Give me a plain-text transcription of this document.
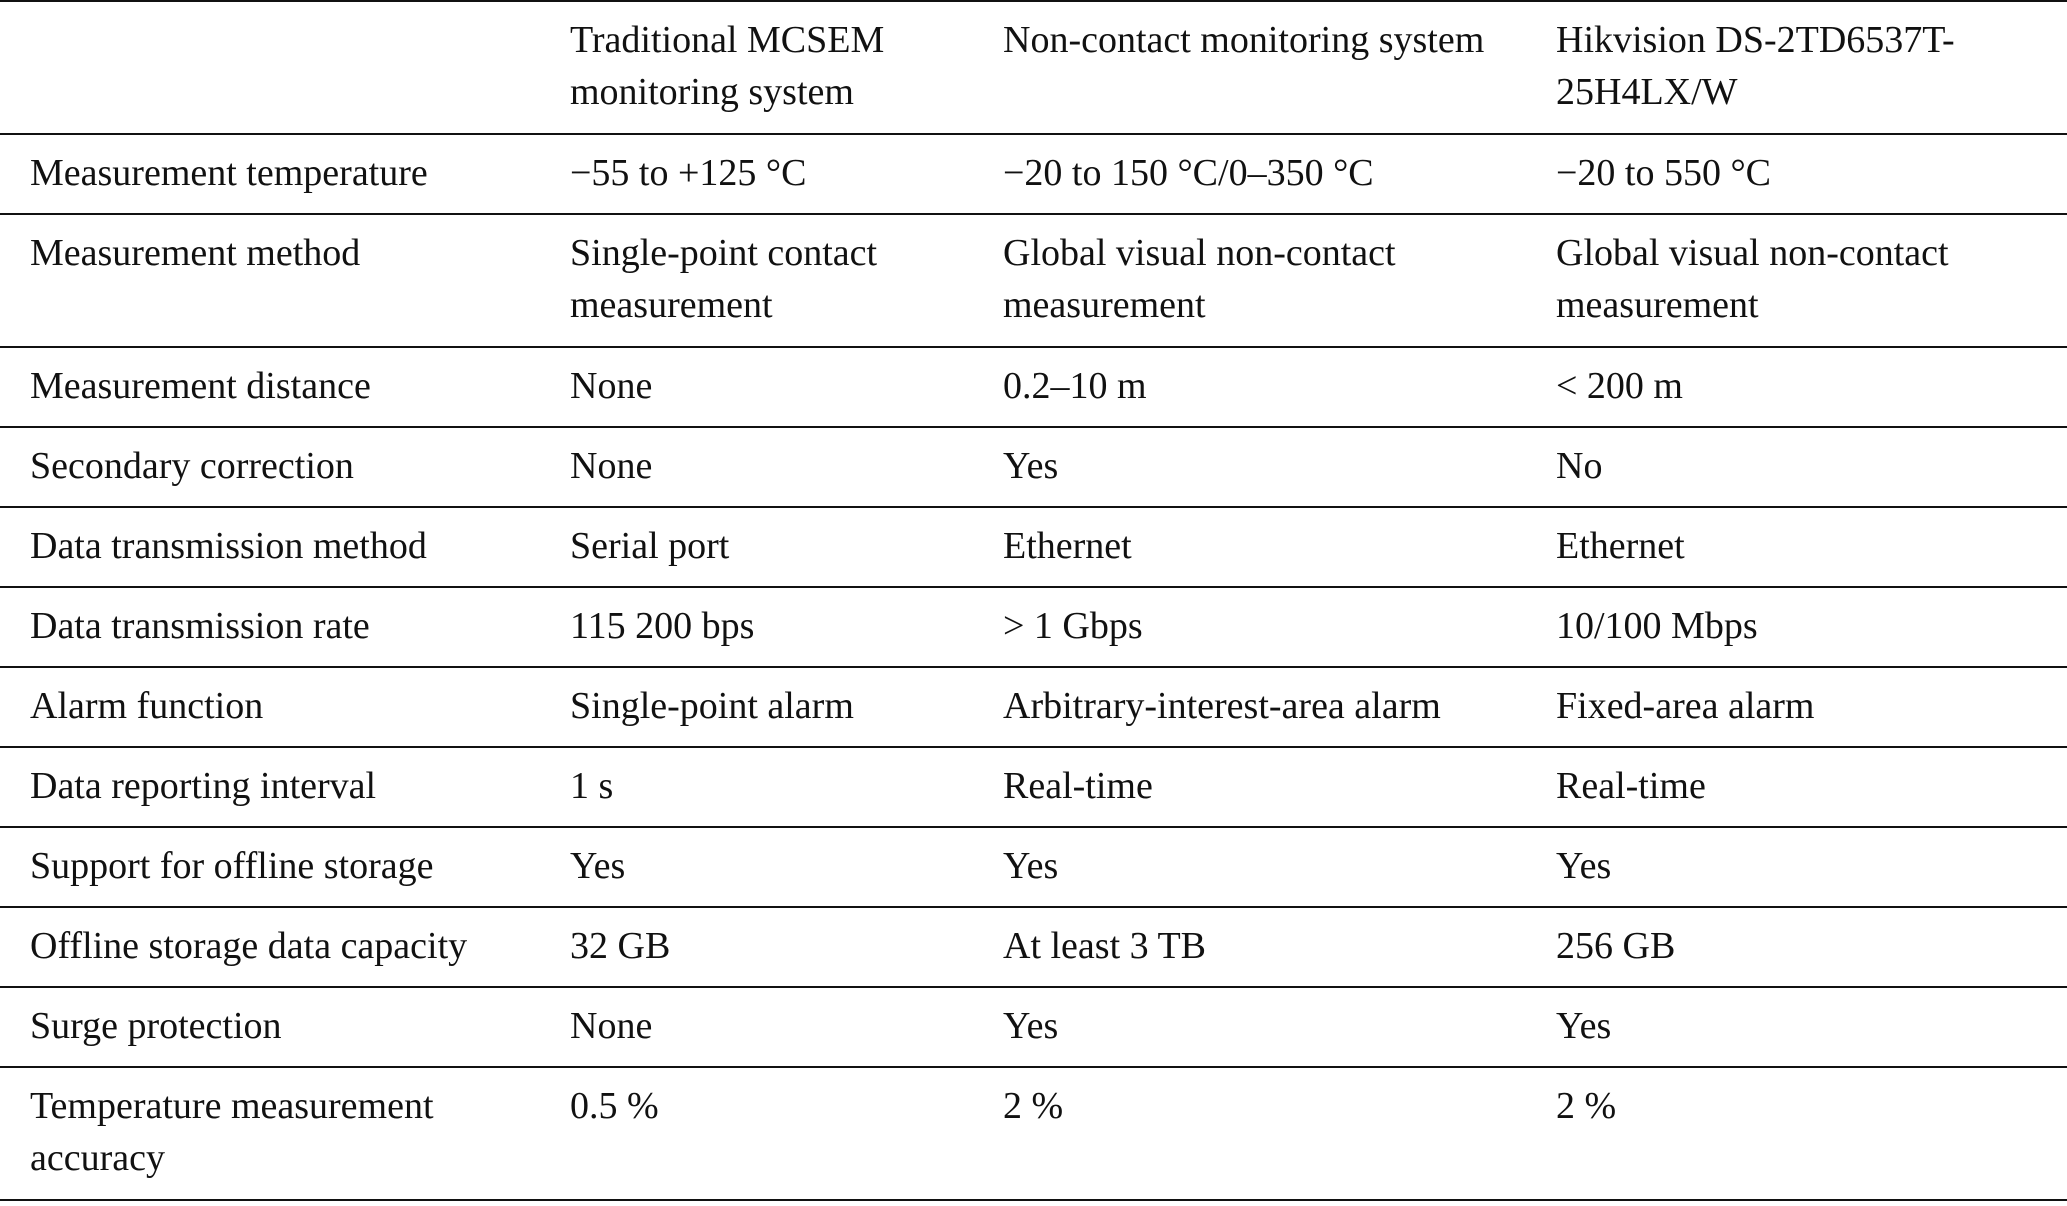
	Traditional MCSEM monitoring system	Non-contact monitoring system	Hikvision DS-2TD6537T-25H4LX/W

Measurement temperature	−55 to +125 °C	−20 to 150 °C/0–350 °C	−20 to 550 °C

Measurement method	Single-point contact measurement	Global visual non-contact measurement	Global visual non-contact measurement

Measurement distance	None	0.2–10 m	< 200 m

Secondary correction	None	Yes	No

Data transmission method	Serial port	Ethernet	Ethernet

Data transmission rate	115 200 bps	> 1 Gbps	10/100 Mbps

Alarm function	Single-point alarm	Arbitrary-interest-area alarm	Fixed-area alarm

Data reporting interval	1 s	Real-time	Real-time

Support for offline storage	Yes	Yes	Yes

Offline storage data capacity	32 GB	At least 3 TB	256 GB

Surge protection	None	Yes	Yes

Temperature measurement accuracy	0.5 %	2 %	2 %
